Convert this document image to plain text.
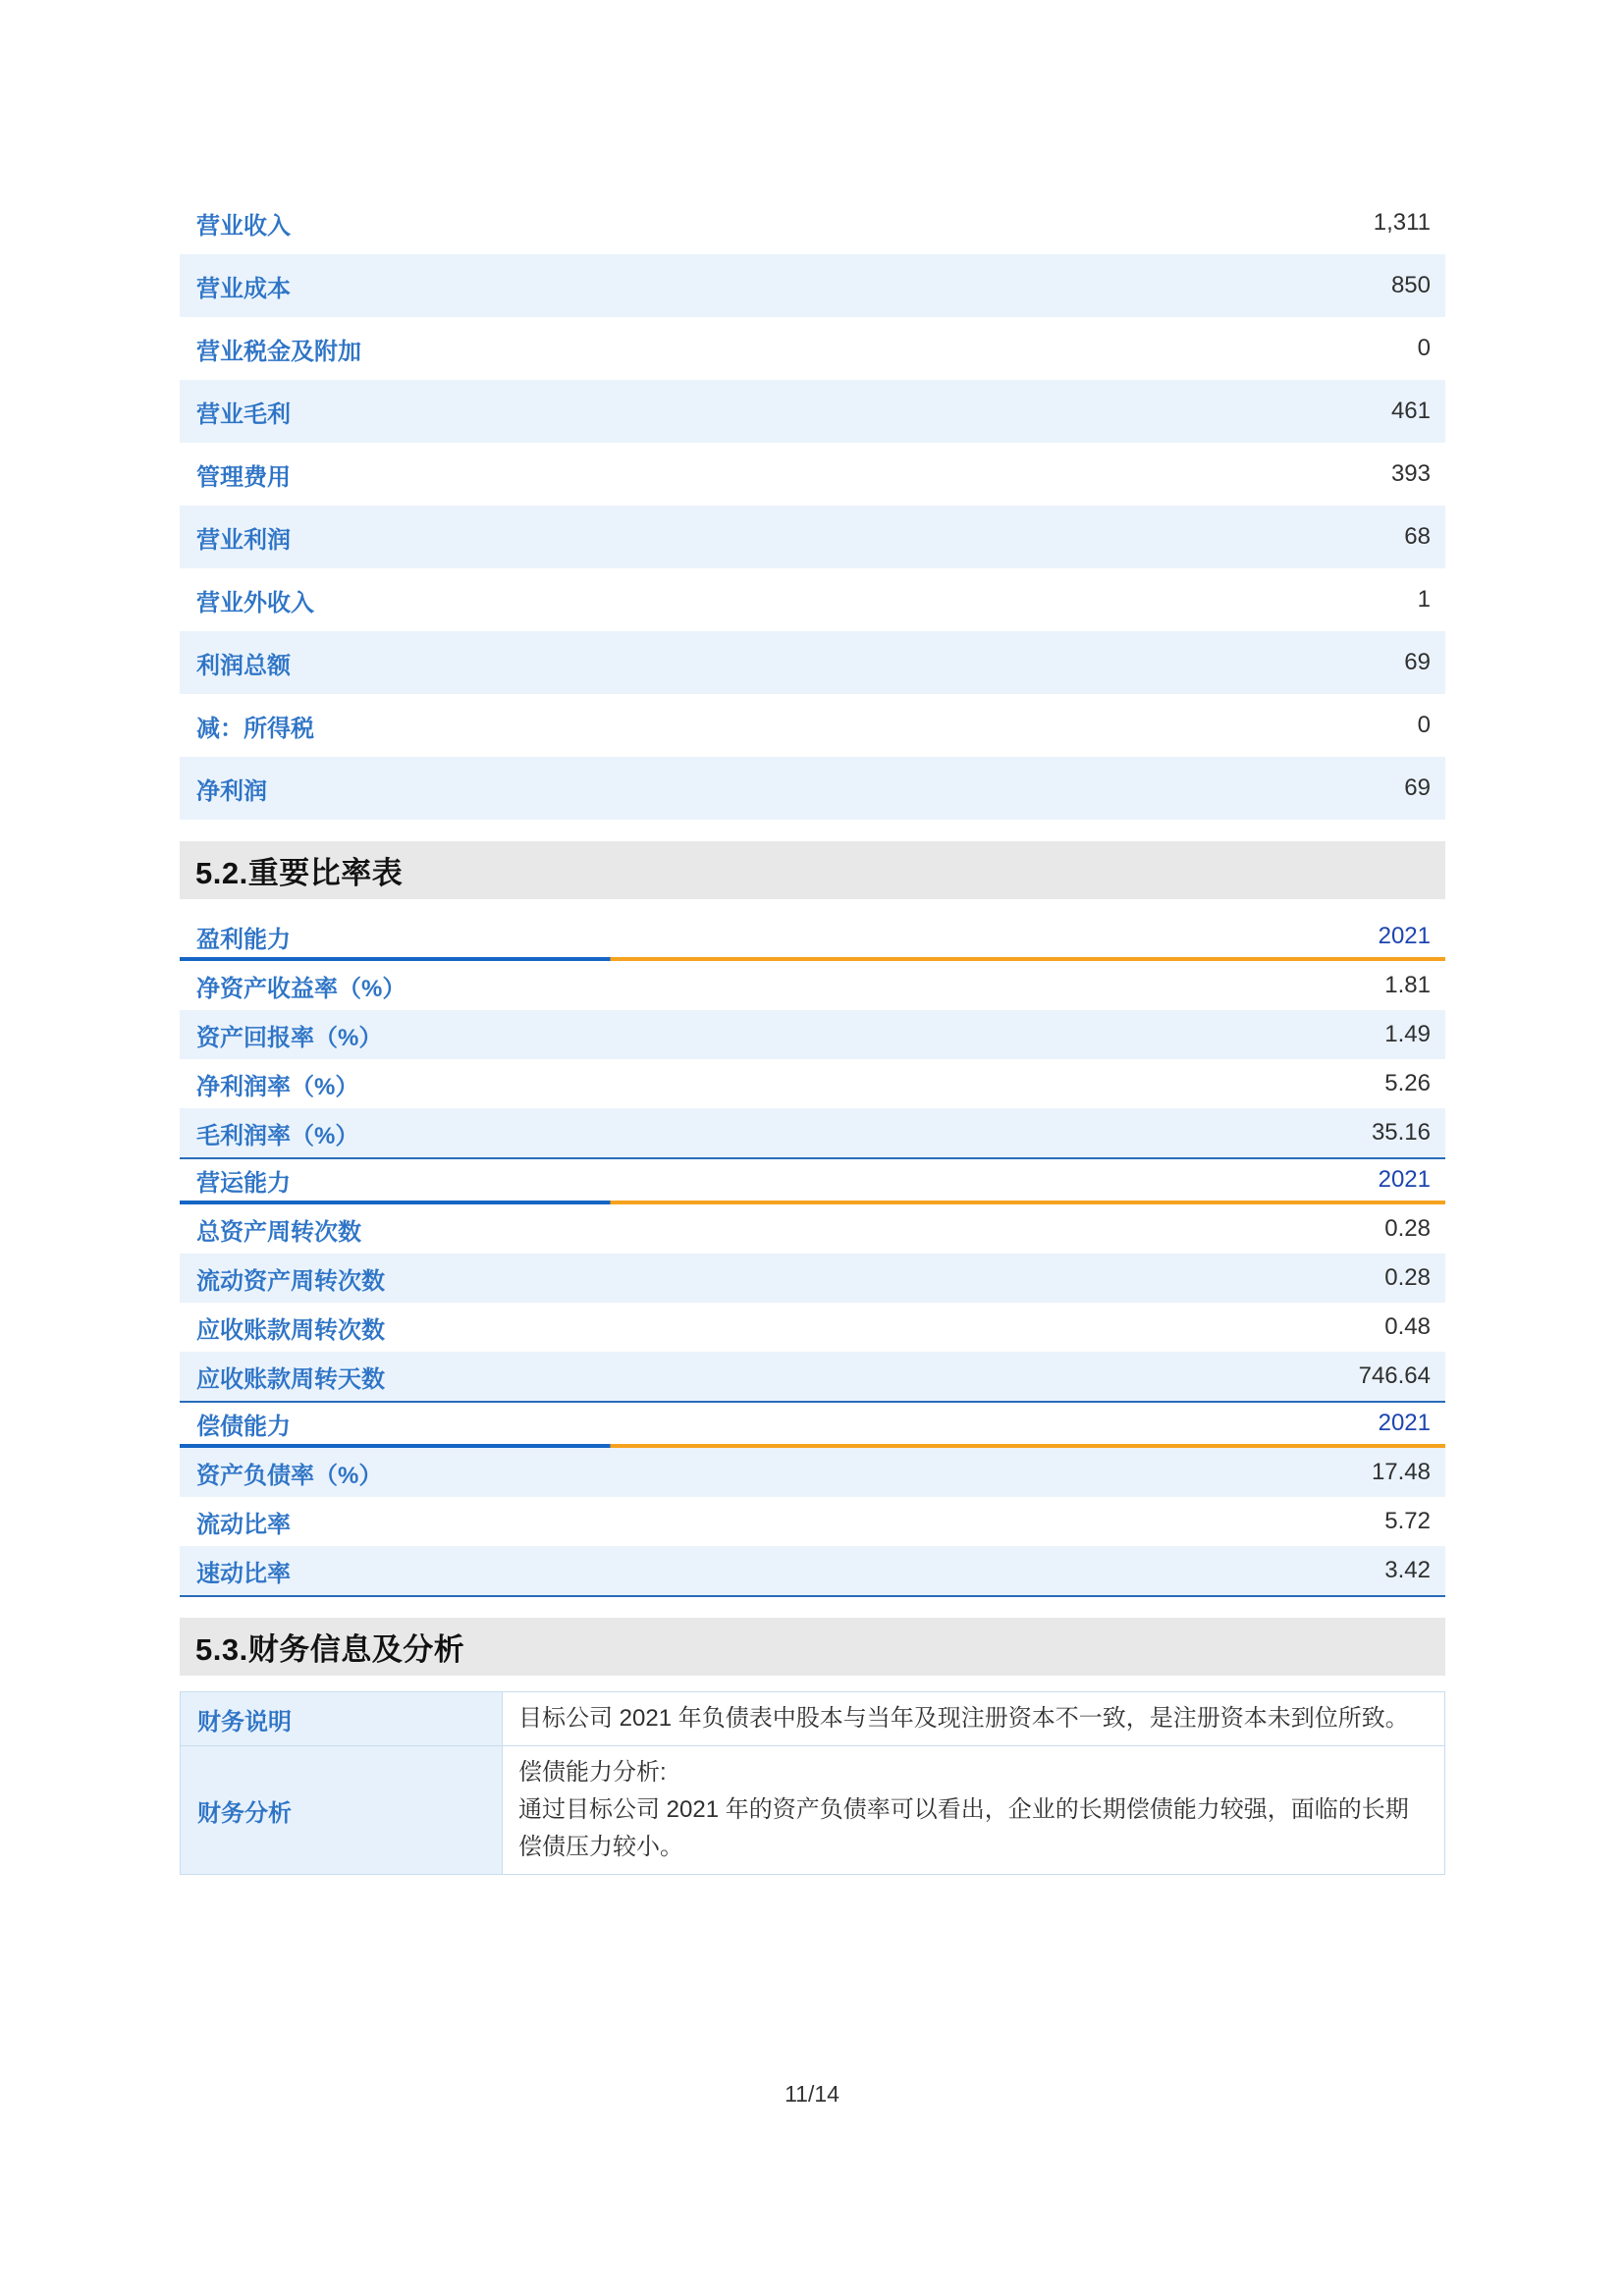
营业收入	1,311
营业成本	850
营业税金及附加	0
营业毛利	461
管理费用	393
营业利润	68
营业外收入	1
利润总额	69
减：所得税	0
净利润	69
5.2.重要比率表
盈利能力	2021
净资产收益率（%）	1.81
资产回报率（%）	1.49
净利润率（%）	5.26
毛利润率（%）	35.16
营运能力	2021
总资产周转次数	0.28
流动资产周转次数	0.28
应收账款周转次数	0.48
应收账款周转天数	746.64
偿债能力	2021
资产负债率（%）	17.48
流动比率	5.72
速动比率	3.42
5.3.财务信息及分析
财务说明	目标公司 2021 年负债表中股本与当年及现注册资本不一致，是注册资本未到位所致。

财务分析	偿债能力分析:
通过目标公司 2021 年的资产负债率可以看出，企业的长期偿债能力较强，面临的长期偿债压力较小。
11/14
